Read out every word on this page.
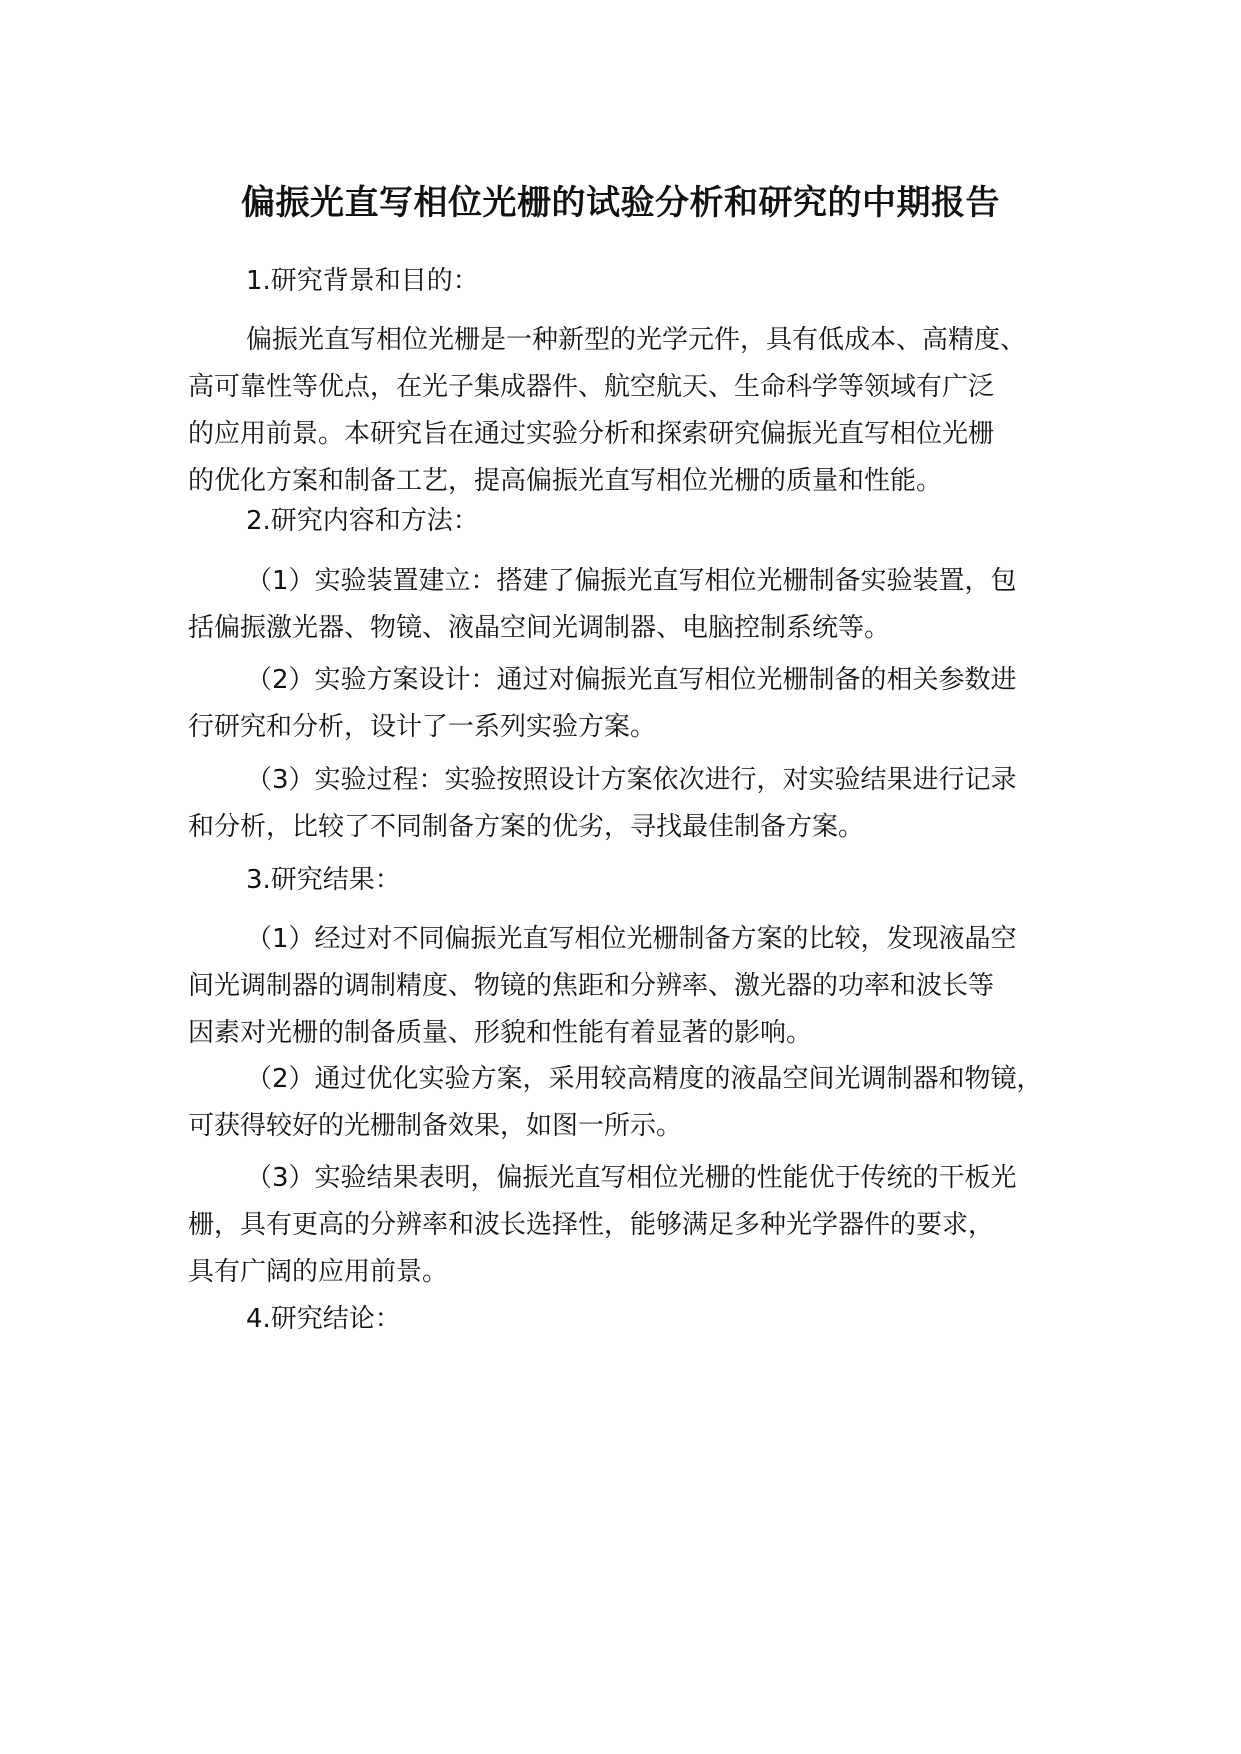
偏振光直写相位光栅的试验分析和研究的中期报告

1.研究背景和目的：

偏振光直写相位光栅是一种新型的光学元件，具有低成本、高精度、
高可靠性等优点，在光子集成器件、航空航天、生命科学等领域有广泛
的应用前景。本研究旨在通过实验分析和探索研究偏振光直写相位光栅
的优化方案和制备工艺，提高偏振光直写相位光栅的质量和性能。

2.研究内容和方法：

（1）实验装置建立：搭建了偏振光直写相位光栅制备实验装置，包
括偏振激光器、物镜、液晶空间光调制器、电脑控制系统等。
（2）实验方案设计：通过对偏振光直写相位光栅制备的相关参数进
行研究和分析，设计了一系列实验方案。
（3）实验过程：实验按照设计方案依次进行，对实验结果进行记录
和分析，比较了不同制备方案的优劣，寻找最佳制备方案。

3.研究结果：

（1）经过对不同偏振光直写相位光栅制备方案的比较，发现液晶空
间光调制器的调制精度、物镜的焦距和分辨率、激光器的功率和波长等
因素对光栅的制备质量、形貌和性能有着显著的影响。
（2）通过优化实验方案，采用较高精度的液晶空间光调制器和物镜，
可获得较好的光栅制备效果，如图一所示。
（3）实验结果表明，偏振光直写相位光栅的性能优于传统的干板光
栅，具有更高的分辨率和波长选择性，能够满足多种光学器件的要求，
具有广阔的应用前景。

4.研究结论：
